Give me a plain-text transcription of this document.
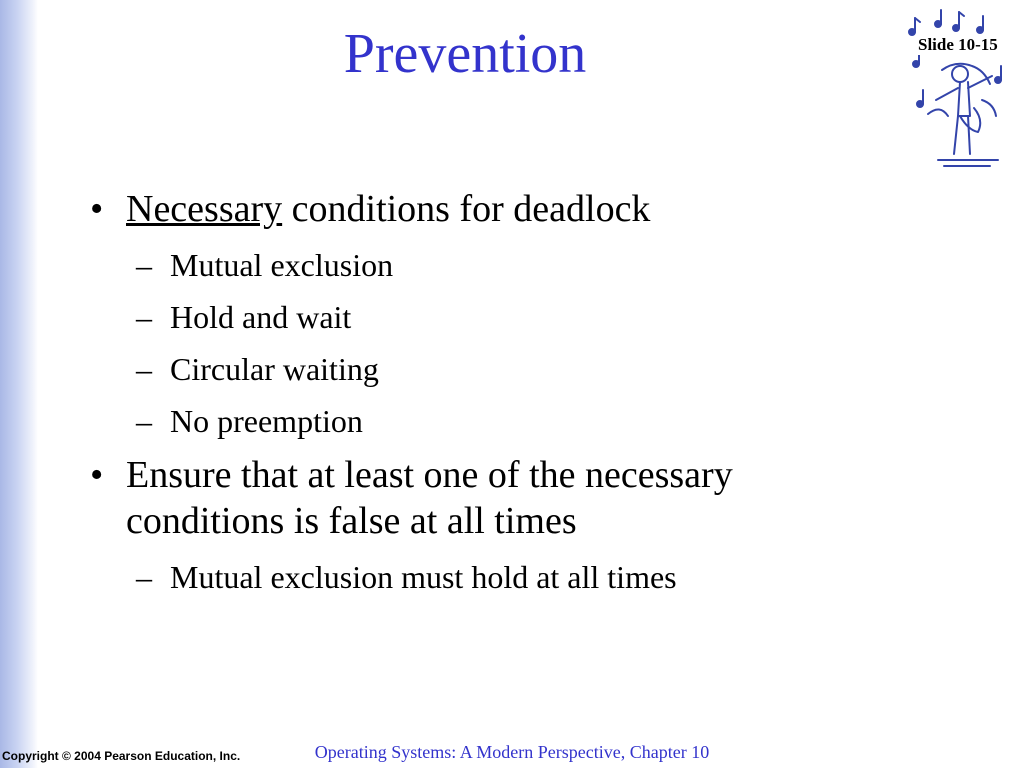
Prevention	Slide 10-15
• Necessary conditions for deadlock
– Mutual exclusion
– Hold and wait
– Circular waiting
– No preemption
• Ensure that at least one of the necessary
conditions is false at all times
– Mutual exclusion must hold at all times
Copyright © 2004 Pearson Education, Inc.	Operating Systems: A Modern Perspective, Chapter 10
